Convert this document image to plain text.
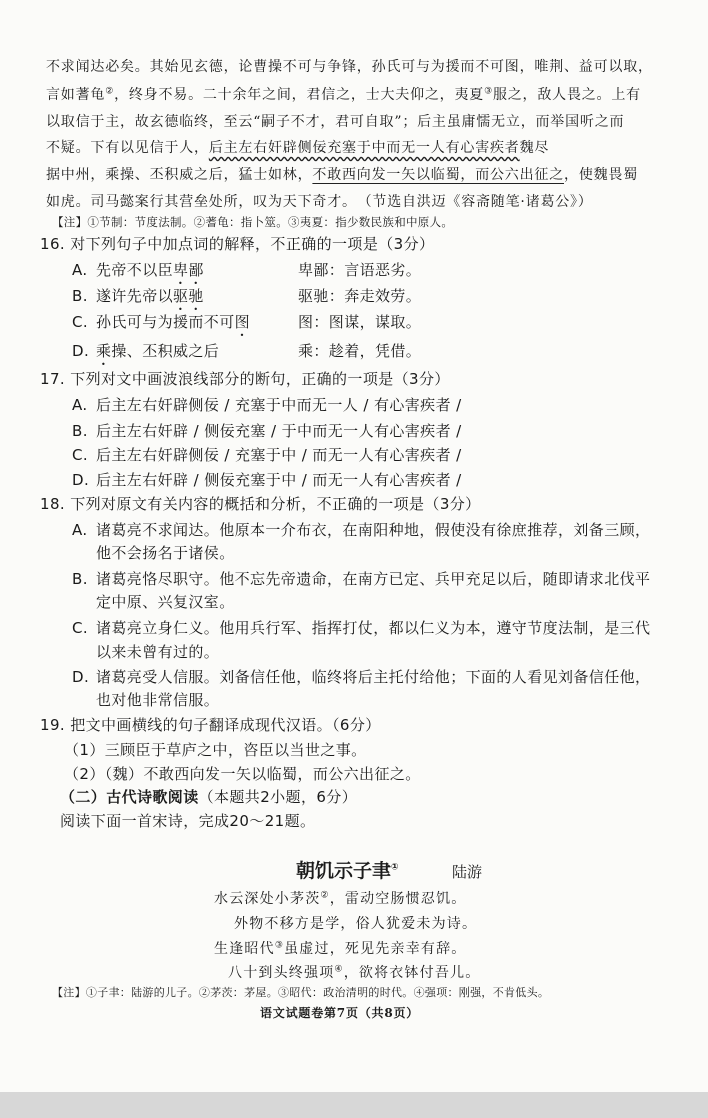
不求闻达必矣。其始见玄德，论曹操不可与争锋，孙氏可与为援而不可图，唯荆、益可以取，
言如蓍龟②，终身不易。二十余年之间，君信之，士大夫仰之，夷夏③服之，敌人畏之。上有
以取信于主，故玄德临终，至云“嗣子不才，君可自取”；后主虽庸懦无立，而举国听之而
不疑。下有以见信于人，后主左右奸辟侧佞充塞于中而无一人有心害疾者魏尽
据中州，乘操、丕积威之后，猛士如林，不敢西向发一矢以临蜀，而公六出征之，使魏畏蜀
如虎。司马懿案行其营垒处所，叹为天下奇才。　（节选自洪迈《容斋随笔·诸葛公》）
【注】①节制：节度法制。②蓍龟：指卜筮。③夷夏：指少数民族和中原人。
16. 对下列句子中加点词的解释，不正确的一项是（3分）
A. 先帝不以臣卑鄙	卑鄙：言语恶劣。
B. 遂许先帝以驱驰	驱驰：奔走效劳。
C. 孙氏可与为援而不可图	图：图谋，谋取。
D. 乘操、丕积威之后	乘：趁着，凭借。
17. 下列对文中画波浪线部分的断句，正确的一项是（3分）
A. 后主左右奸辟侧佞 / 充塞于中而无一人 / 有心害疾者 /
B. 后主左右奸辟 / 侧佞充塞 / 于中而无一人有心害疾者 /
C. 后主左右奸辟侧佞 / 充塞于中 / 而无一人有心害疾者 /
D. 后主左右奸辟 / 侧佞充塞于中 / 而无一人有心害疾者 /
18. 下列对原文有关内容的概括和分析，不正确的一项是（3分）
A. 诸葛亮不求闻达。他原本一介布衣，在南阳种地，假使没有徐庶推荐，刘备三顾，
他不会扬名于诸侯。
B. 诸葛亮恪尽职守。他不忘先帝遗命，在南方已定、兵甲充足以后，随即请求北伐平
定中原、兴复汉室。
C. 诸葛亮立身仁义。他用兵行军、指挥打仗，都以仁义为本，遵守节度法制，是三代
以来未曾有过的。
D. 诸葛亮受人信服。刘备信任他，临终将后主托付给他；下面的人看见刘备信任他，
也对他非常信服。
19. 把文中画横线的句子翻译成现代汉语。（6分）
（1）三顾臣于草庐之中，咨臣以当世之事。
（2）（魏）不敢西向发一矢以临蜀，而公六出征之。
（二）古代诗歌阅读（本题共2小题，6分）
阅读下面一首宋诗，完成20～21题。
朝饥示子聿①	陆游
水云深处小茅茨②，雷动空肠惯忍饥。
外物不移方是学，俗人犹爱未为诗。
生逢昭代③虽虚过，死见先亲幸有辞。
八十到头终强项④，欲将衣钵付吾儿。
【注】①子聿：陆游的儿子。②茅茨：茅屋。③昭代：政治清明的时代。④强项：刚强，不肯低头。
语文试题卷第7页（共8页）
